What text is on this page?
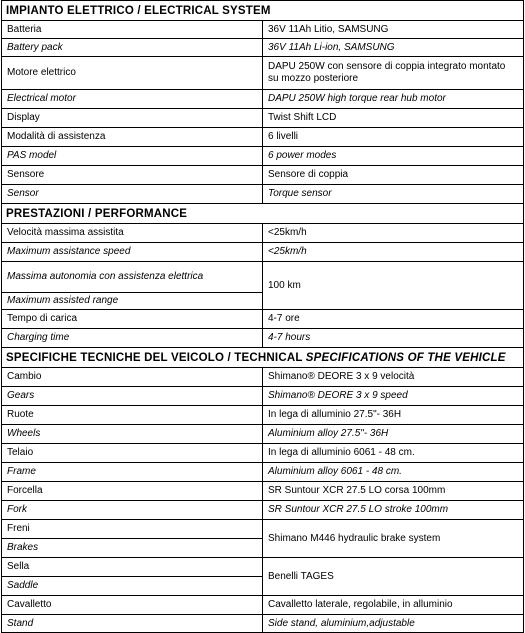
IMPIANTO ELETTRICO / ELECTRICAL SYSTEM	
Batteria	36V 11Ah Litio, SAMSUNG
Battery pack	36V 11Ah Li-ion, SAMSUNG
Motore elettrico	DAPU 250W con sensore di coppia integrato montato su mozzo posteriore
Electrical motor	DAPU 250W high torque rear hub motor
Display	Twist Shift LCD
Modalità di assistenza	6 livelli
PAS model	6 power modes
Sensore	Sensore di coppia
Sensor	Torque sensor
PRESTAZIONI / PERFORMANCE	
Velocità massima assistita	<25km/h
Maximum assistance speed	<25km/h
Massima autonomia con assistenza elettrica	100 km
Maximum assisted range	
Tempo di carica	4-7 ore
Charging time	4-7 hours
SPECIFICHE TECNICHE DEL VEICOLO / TECHNICAL SPECIFICATIONS OF THE VEHICLE	
Cambio	Shimano® DEORE 3 x 9 velocità
Gears	Shimano® DEORE 3 x 9 speed
Ruote	In lega di alluminio 27.5"- 36H
Wheels	Aluminium alloy 27.5"- 36H
Telaio	In lega di alluminio 6061 - 48 cm.
Frame	Aluminium alloy 6061 - 48 cm.
Forcella	SR Suntour XCR 27.5 LO corsa 100mm
Fork	SR Suntour XCR 27.5 LO stroke 100mm
Freni	Shimano M446 hydraulic brake system
Brakes	
Sella	Benelli TAGES
Saddle	
Cavalletto	Cavalletto laterale, regolabile, in alluminio
Stand	Side stand, aluminium,adjustable
